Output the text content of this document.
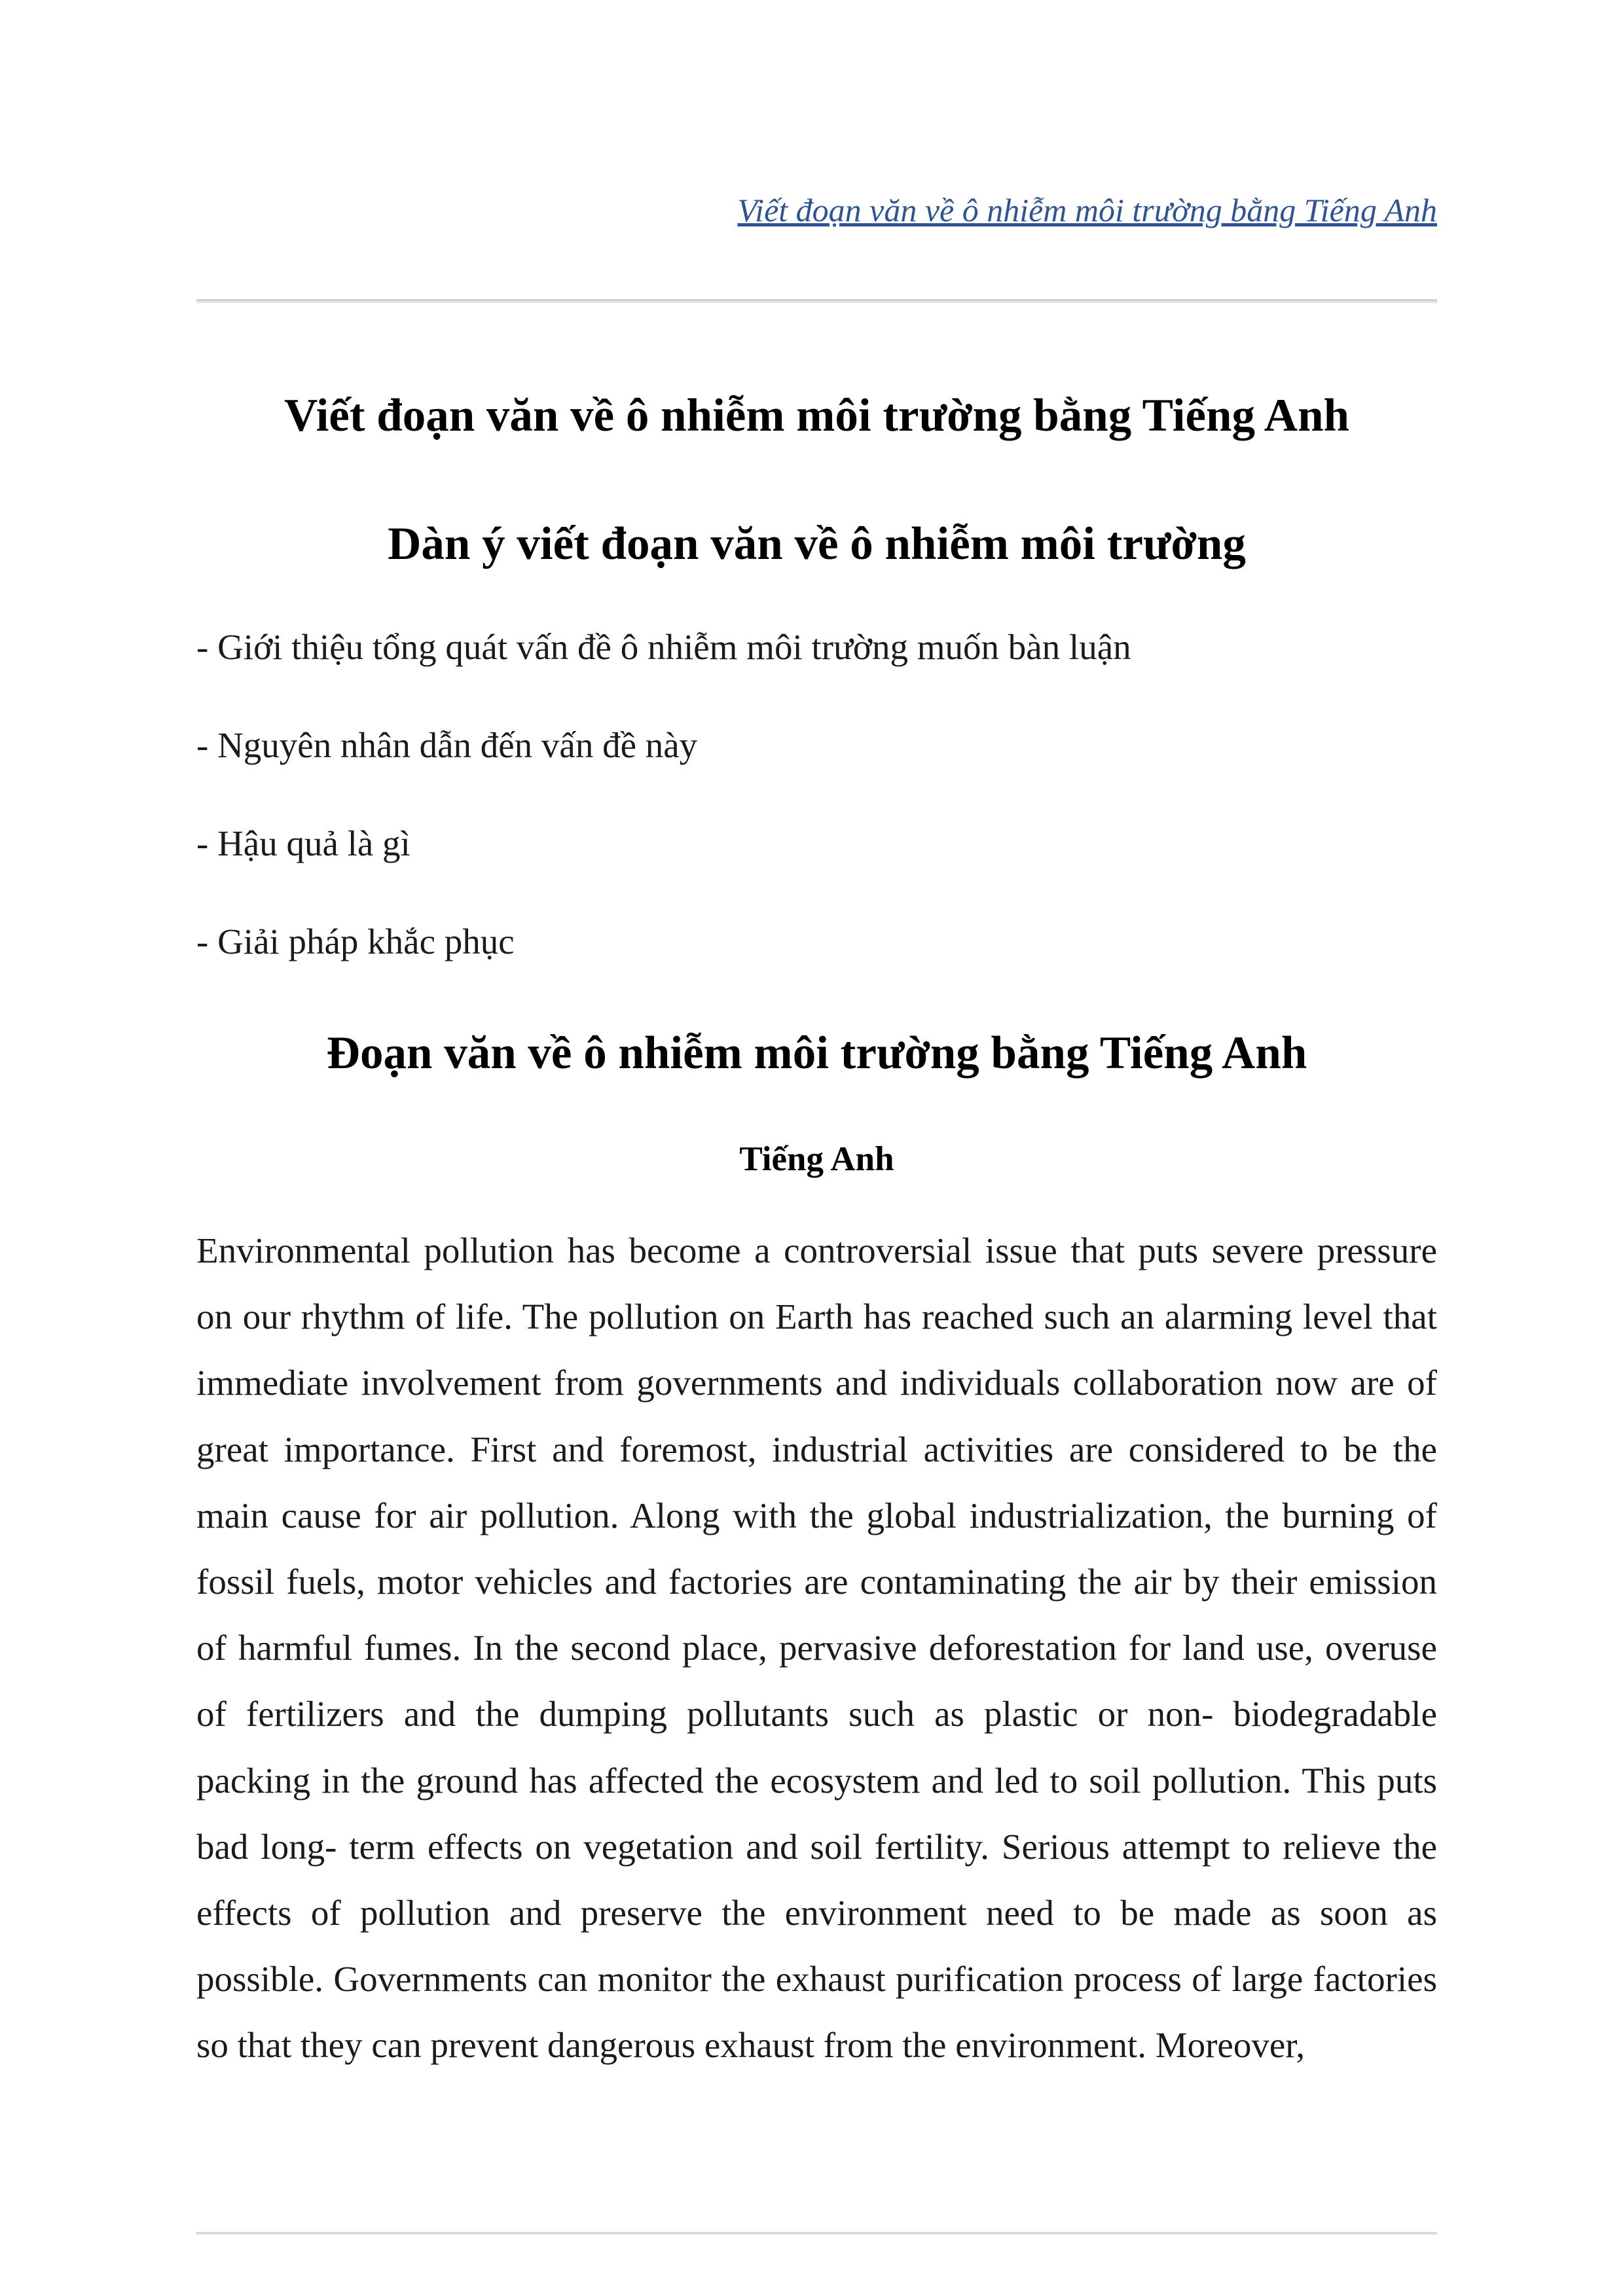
Viết đoạn văn về ô nhiễm môi trường bằng Tiếng Anh
Viết đoạn văn về ô nhiễm môi trường bằng Tiếng Anh
Dàn ý viết đoạn văn về ô nhiễm môi trường
- Giới thiệu tổng quát vấn đề ô nhiễm môi trường muốn bàn luận
- Nguyên nhân dẫn đến vấn đề này
- Hậu quả là gì
- Giải pháp khắc phục
Đoạn văn về ô nhiễm môi trường bằng Tiếng Anh
Tiếng Anh

Environmental pollution has become a controversial issue that puts severe pressure on our rhythm of life. The pollution on Earth has reached such an alarming level that immediate involvement from governments and individuals collaboration now are of great importance. First and foremost, industrial activities are considered to be the main cause for air pollution. Along with the global industrialization, the burning of fossil fuels, motor vehicles and factories are contaminating the air by their emission of harmful fumes. In the second place, pervasive deforestation for land use, overuse of fertilizers and the dumping pollutants such as plastic or non- biodegradable packing in the ground has affected the ecosystem and led to soil pollution. This puts bad long- term effects on vegetation and soil fertility. Serious attempt to relieve the effects of pollution and preserve the environment need to be made as soon as possible. Governments can monitor the exhaust purification process of large factories so that they can prevent dangerous exhaust from the environment. Moreover,
